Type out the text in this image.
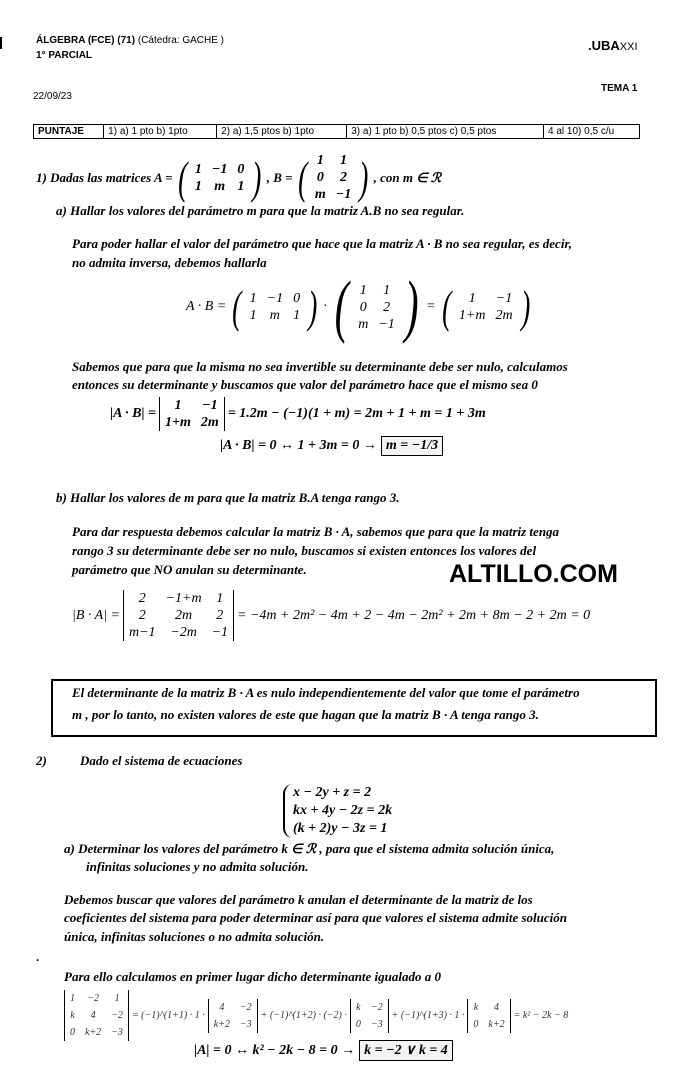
ÁLGEBRA (FCE) (71) (Cátedra: GACHE )
1° PARCIAL
.UBAXXI
TEMA 1
22/09/23
PUNTAJE	1) a) 1 pto b) 1pto	2) a) 1,5 ptos b) 1pto	3) a) 1 pto b) 0,5 ptos c) 0,5 ptos	4 al 10) 0,5 c/u
1) Dadas las matrices A = ( 1	−1	0
1	m	1 ) , B = ( 1	1
0	2
m	−1 ) , con m ∈ ℛ
a) Hallar los valores del parámetro m para que la matriz A.B no sea regular.
Para poder hallar el valor del parámetro que hace que la matriz A · B no sea regular, es decir,
no admita inversa, debemos hallarla
A · B = ( 1	−1	0
1	m	1 ) · ( 1	1
0	2
m	−1 ) = ( 1	−1
1+m	2m )
Sabemos que para que la misma no sea invertible su determinante debe ser nulo, calculamos
entonces su determinante y buscamos que valor del parámetro hace que el mismo sea 0
|A · B| =
1	−1
1+m	2m
= 1.2m − (−1)(1 + m) = 2m + 1 + m = 1 + 3m
|A · B| = 0 ↔ 1 + 3m = 0 → m = −1/3
b) Hallar los valores de m para que la matriz B.A tenga rango 3.
Para dar respuesta debemos calcular la matriz B · A, sabemos que para que la matriz tenga
rango 3 su determinante debe ser no nulo, buscamos si existen entonces los valores del
parámetro que NO anulan su determinante.	ALTILLO.COM
|B · A| =
2	−1+m	1
2	2m	2
m−1	−2m	−1
= −4m + 2m² − 4m + 2 − 4m − 2m² + 2m + 8m − 2 + 2m = 0
El determinante de la matriz B · A es nulo independientemente del valor que tome el parámetro
m , por lo tanto, no existen valores de este que hagan que la matriz B · A tenga rango 3.
2)	Dado el sistema de ecuaciones
x − 2y + z = 2
kx + 4y − 2z = 2k
(k + 2)y − 3z = 1
a) Determinar los valores del parámetro k ∈ ℛ , para que el sistema admita solución única,
infinitas soluciones y no admita solución.
Debemos buscar que valores del parámetro k anulan el determinante de la matriz de los
coeficientes del sistema para poder determinar así para que valores el sistema admite solución
única, infinitas soluciones o no admita solución.
.
Para ello calculamos en primer lugar dicho determinante igualado a 0
1	−2	1
k	4	−2
0	k+2	−3
= (−1)^(1+1) · 1 ·
4	−2
k+2	−3
+ (−1)^(1+2) · (−2) ·
k	−2
0	−3
+ (−1)^(1+3) · 1 ·
k	4
0	k+2
= k² − 2k − 8
|A| = 0 ↔ k² − 2k − 8 = 0 → k = −2 ∨ k = 4
